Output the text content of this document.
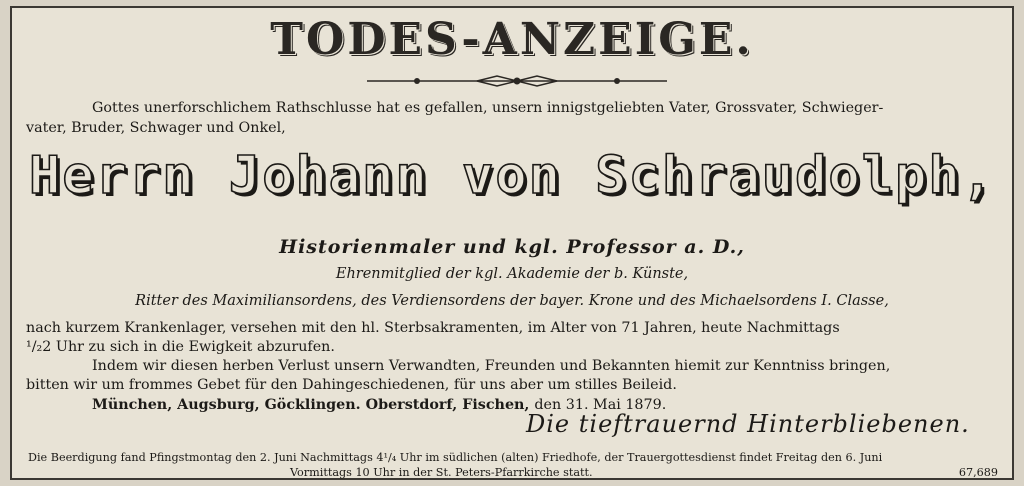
TODES-ANZEIGE.
Gottes unerforschlichem Rathschlusse hat es gefallen, unsern innigstgeliebten Vater, Grossvater, Schwieger-
vater, Bruder, Schwager und Onkel,
Herrn Johann von Schraudolph,
Historienmaler und kgl. Professor a. D.,
Ehrenmitglied der kgl. Akademie der b. Künste,
Ritter des Maximiliansordens, des Verdiensordens der bayer. Krone und des Michaelsordens I. Classe,
nach kurzem Krankenlager, versehen mit den hl. Sterbsakramenten, im Alter von 71 Jahren, heute Nachmittags
¹/₂2 Uhr zu sich in die Ewigkeit abzurufen.
Indem wir diesen herben Verlust unsern Verwandten, Freunden und Bekannten hiemit zur Kenntniss bringen,
bitten wir um frommes Gebet für den Dahingeschiedenen, für uns aber um stilles Beileid.
München, Augsburg, Göcklingen. Oberstdorf, Fischen, den 31. Mai 1879.
Die tieftrauernd Hinterbliebenen.
Die Beerdigung fand Pfingstmontag den 2. Juni Nachmittags 4¹/₄ Uhr im südlichen (alten) Friedhofe, der Trauergottesdienst findet Freitag den 6. Juni
Vormittags 10 Uhr in der St. Peters-Pfarrkirche statt.	67,689
